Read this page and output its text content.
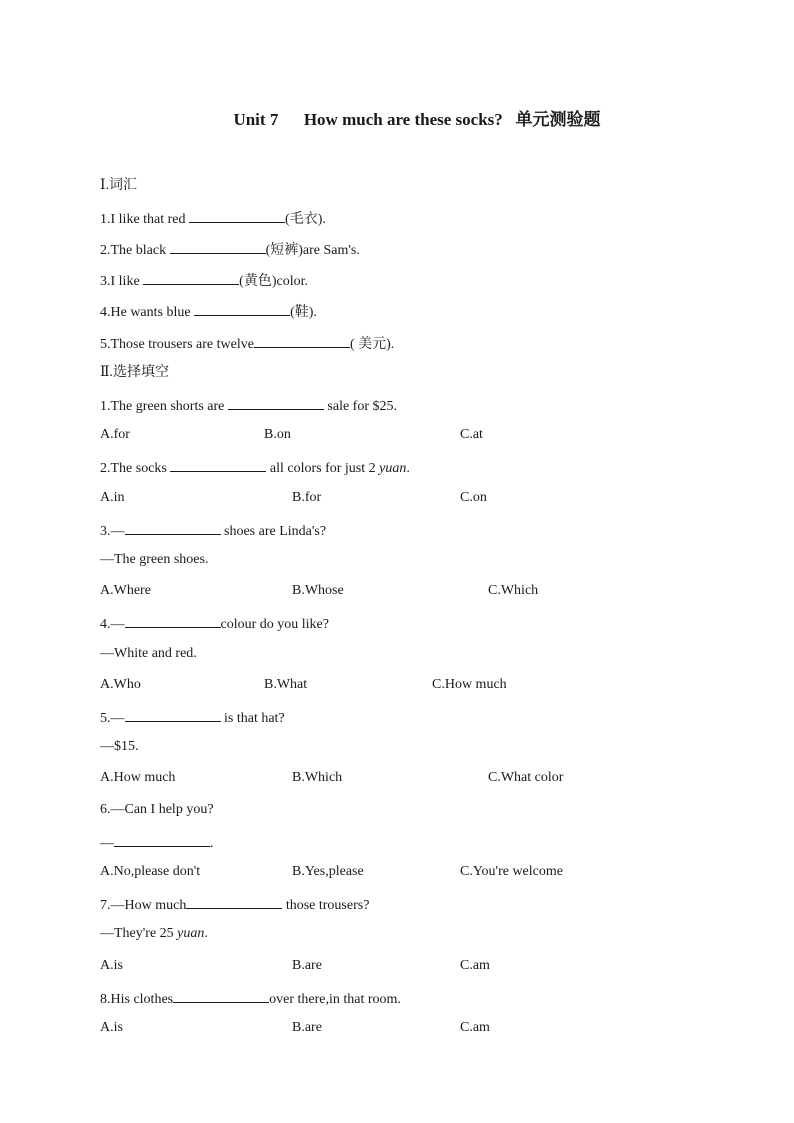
Unit 7 How much are these socks? 单元测验题
Ⅰ.词汇
1.I like that red	(毛衣).
2.The black	(短裤)are Sam's.
3.I like	(黄色)color.
4.He wants blue	(鞋).
5.Those trousers are twelve	( 美元).
Ⅱ.选择填空
1.The green shorts are	sale for $25.
A.for	B.on	C.at
2.The socks	all colors for just 2 yuan.
A.in	B.for	C.on
3.—	shoes are Linda's?
—The green shoes.
A.Where	B.Whose	C.Which
4.—	colour do you like?
—White and red.
A.Who	B.What	C.How much
5.—	is that hat?
—$15.
A.How much	B.Which	C.What color
6.—Can I help you?
—	.
A.No,please don't	B.Yes,please	C.You're welcome
7.—How much	those trousers?
—They're 25 yuan.
A.is	B.are	C.am
8.His clothes	over there,in that room.
A.is	B.are	C.am
